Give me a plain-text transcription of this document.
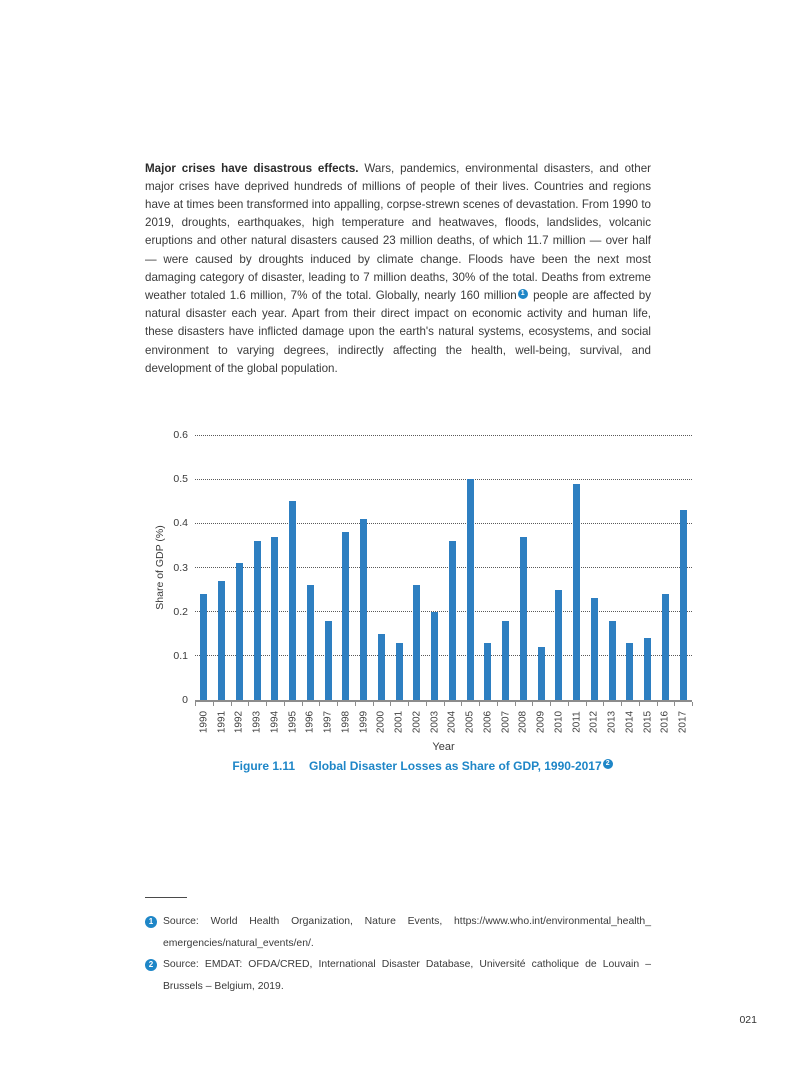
Major crises have disastrous effects. Wars, pandemics, environmental disasters, and other major crises have deprived hundreds of millions of people of their lives. Countries and regions have at times been transformed into appalling, corpse-strewn scenes of devastation. From 1990 to 2019, droughts, earthquakes, high temperature and heatwaves, floods, landslides, volcanic eruptions and other natural disasters caused 23 million deaths, of which 11.7 million — over half — were caused by droughts induced by climate change. Floods have been the next most damaging category of disaster, leading to 7 million deaths, 30% of the total. Deaths from extreme weather totaled 1.6 million, 7% of the total. Globally, nearly 160 million 1 people are affected by natural disaster each year. Apart from their direct impact on economic activity and human life, these disasters have inflicted damage upon the earth's natural systems, ecosystems, and social environment to varying degrees, indirectly affecting the health, well-being, survival, and development of the global population.

Share of GDP (%)
0
0.1
0.2
0.3
0.4
0.5
0.6
1990 1991 1992 1993 1994 1995 1996 1997 1998 1999 2000 2001 2002 2003 2004 2005 2006 2007 2008 2009 2010 2011 2012 2013 2014 2015 2016 2017
Year
Figure 1.11 Global Disaster Losses as Share of GDP, 1990-2017 2
1 Source: World Health Organization, Nature Events, https://www.who.int/environmental_health_emergencies/natural_events/en/.
2 Source: EMDAT: OFDA/CRED, International Disaster Database, Université catholique de Louvain – Brussels – Belgium, 2019.
021
